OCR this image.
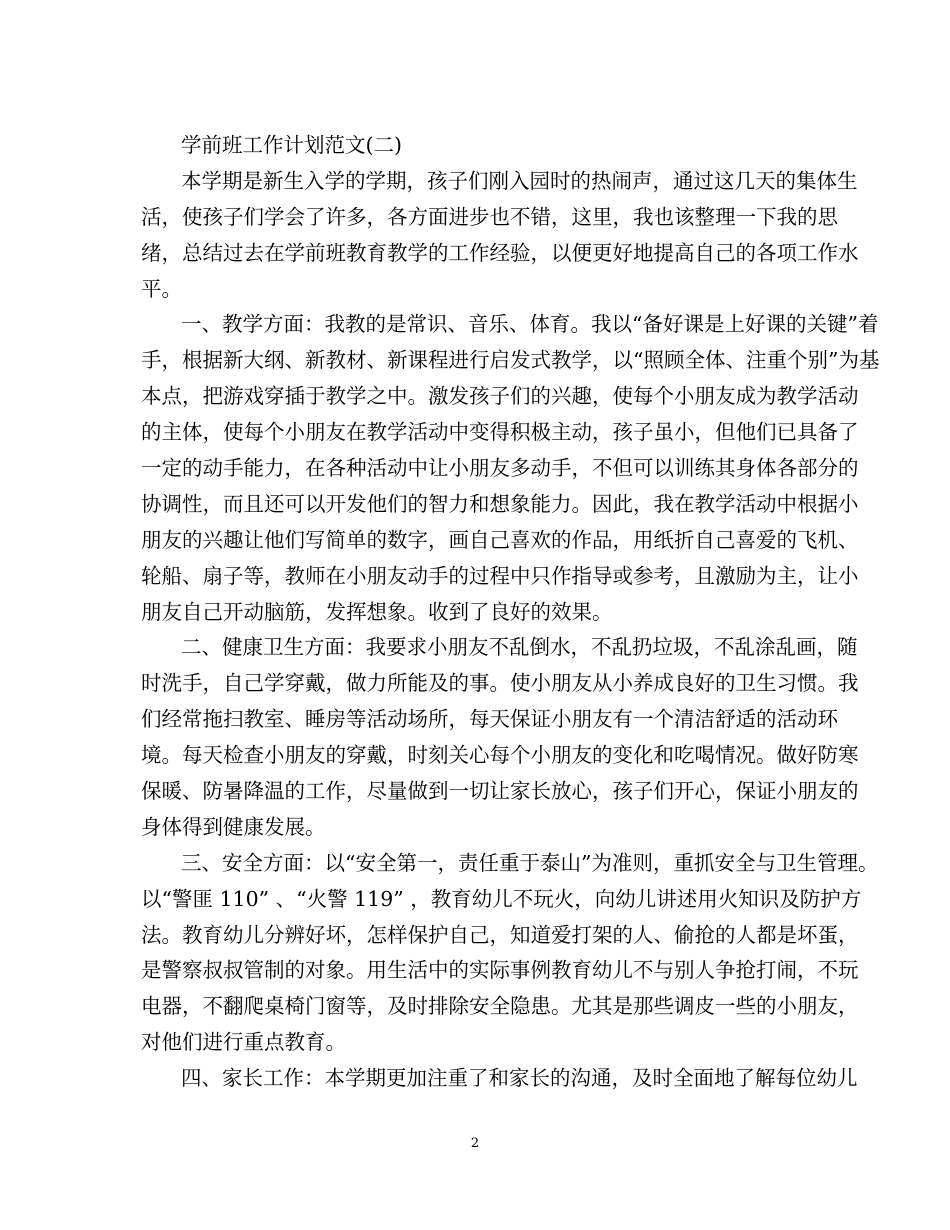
学前班工作计划范文(二)
本学期是新生入学的学期，孩子们刚入园时的热闹声，通过这几天的集体生
活，使孩子们学会了许多，各方面进步也不错，这里，我也该整理一下我的思
绪，总结过去在学前班教育教学的工作经验，以便更好地提高自己的各项工作水
平。
一、教学方面：我教的是常识、音乐、体育。我以“备好课是上好课的关键”着
手，根据新大纲、新教材、新课程进行启发式教学，以“照顾全体、注重个别”为基
本点，把游戏穿插于教学之中。激发孩子们的兴趣，使每个小朋友成为教学活动
的主体，使每个小朋友在教学活动中变得积极主动，孩子虽小，但他们已具备了
一定的动手能力，在各种活动中让小朋友多动手，不但可以训练其身体各部分的
协调性，而且还可以开发他们的智力和想象能力。因此，我在教学活动中根据小
朋友的兴趣让他们写简单的数字，画自己喜欢的作品，用纸折自己喜爱的飞机、
轮船、扇子等，教师在小朋友动手的过程中只作指导或参考，且激励为主，让小
朋友自己开动脑筋，发挥想象。收到了良好的效果。
二、健康卫生方面：我要求小朋友不乱倒水，不乱扔垃圾，不乱涂乱画，随
时洗手，自己学穿戴，做力所能及的事。使小朋友从小养成良好的卫生习惯。我
们经常拖扫教室、睡房等活动场所，每天保证小朋友有一个清洁舒适的活动环
境。每天检查小朋友的穿戴，时刻关心每个小朋友的变化和吃喝情况。做好防寒
保暖、防暑降温的工作，尽量做到一切让家长放心，孩子们开心，保证小朋友的
身体得到健康发展。
三、安全方面：以“安全第一，责任重于泰山”为准则，重抓安全与卫生管理。
以“警匪 110” 、“火警 119” ，教育幼儿不玩火，向幼儿讲述用火知识及防护方
法。教育幼儿分辨好坏，怎样保护自己，知道爱打架的人、偷抢的人都是坏蛋，
是警察叔叔管制的对象。用生活中的实际事例教育幼儿不与别人争抢打闹，不玩
电器，不翻爬桌椅门窗等，及时排除安全隐患。尤其是那些调皮一些的小朋友，
对他们进行重点教育。
四、家长工作：本学期更加注重了和家长的沟通，及时全面地了解每位幼儿
2
